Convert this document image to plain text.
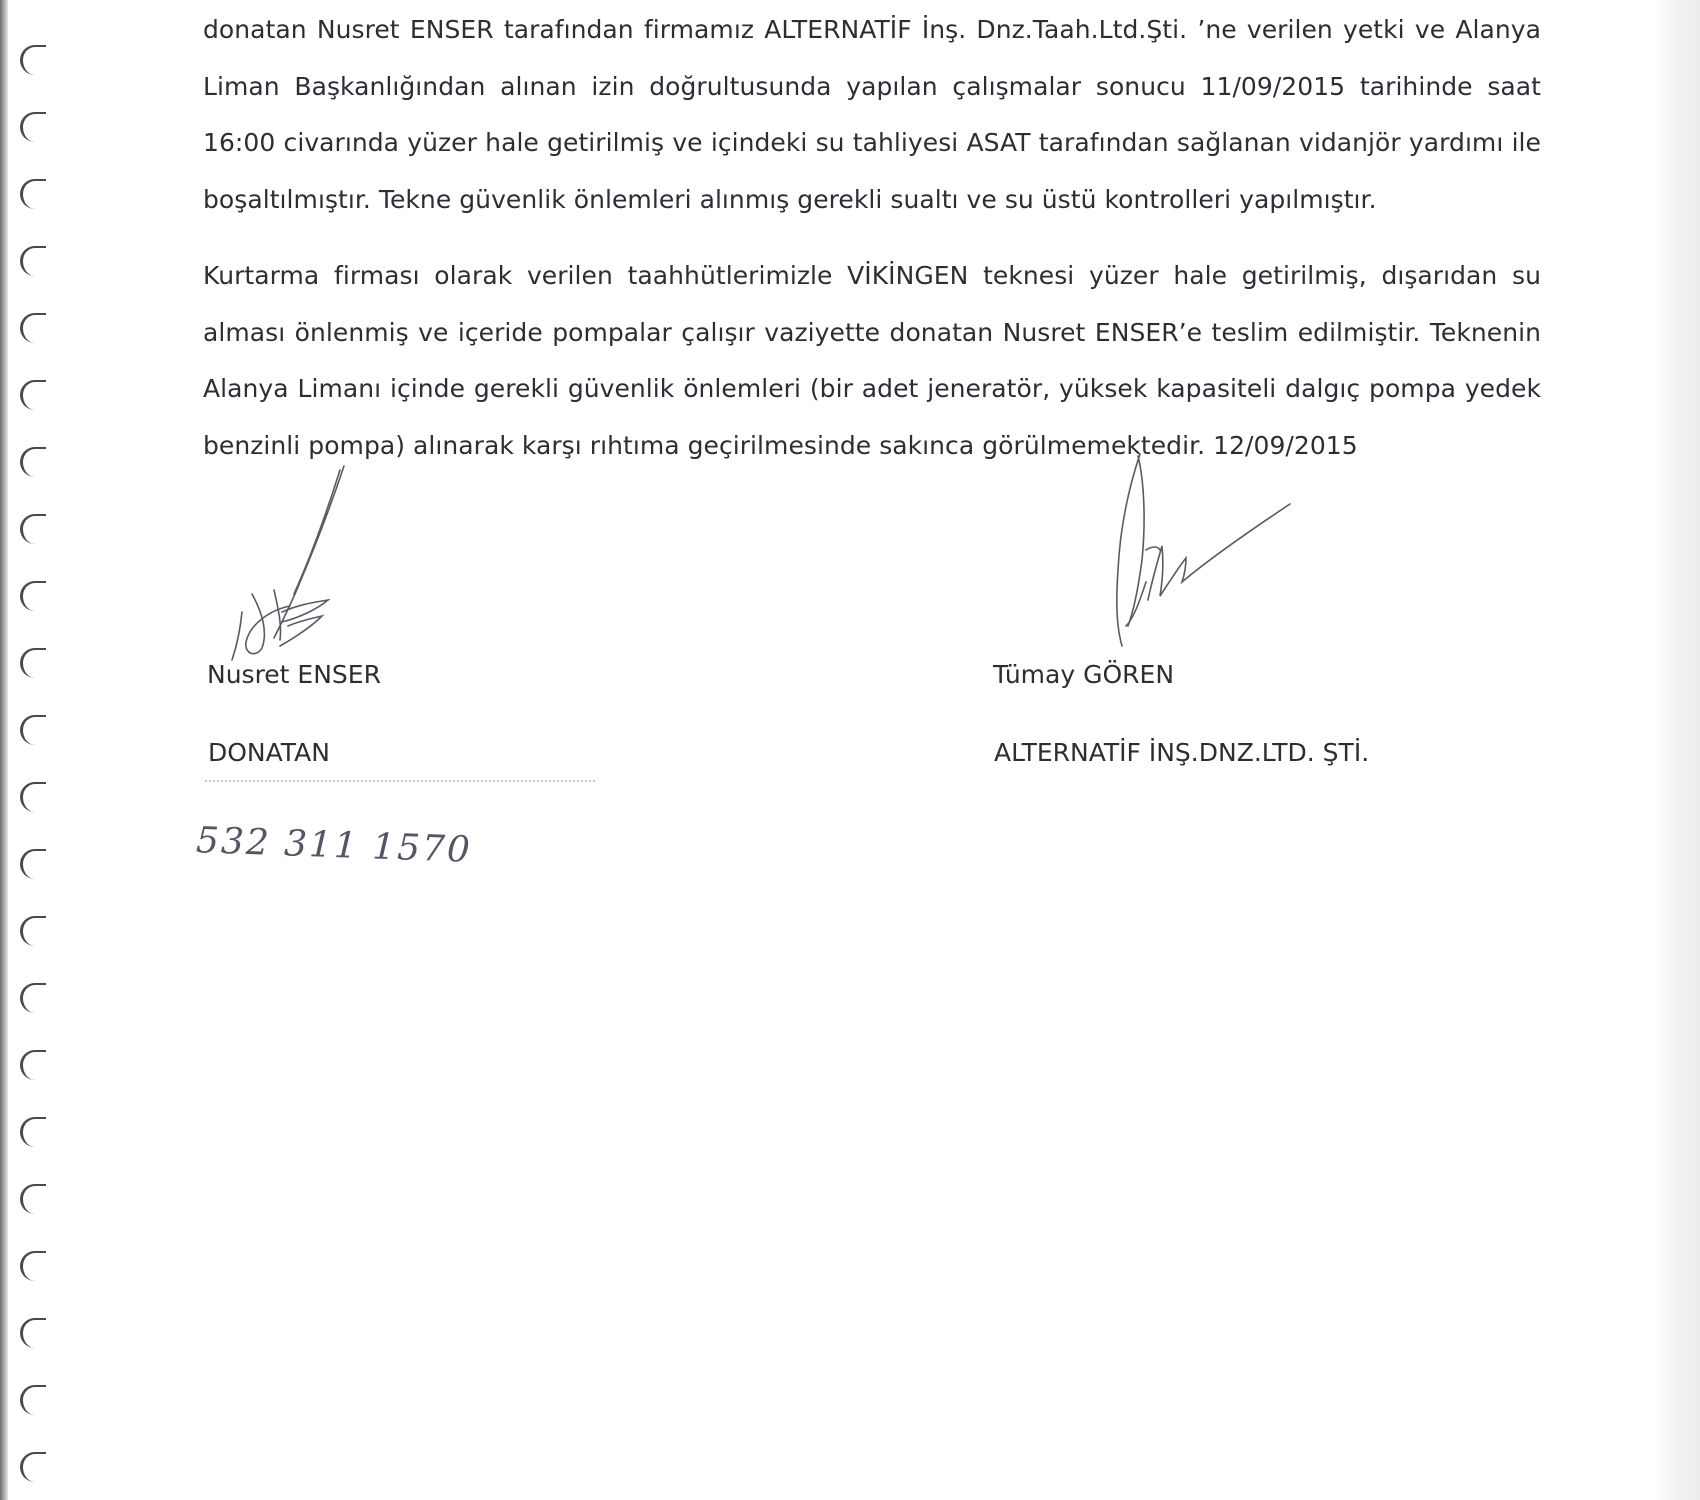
donatan Nusret ENSER tarafından firmamız ALTERNATİF İnş. Dnz.Taah.Ltd.Şti. ’ne verilen yetki ve Alanya Liman Başkanlığından alınan izin doğrultusunda yapılan çalışmalar sonucu 11/09/2015 tarihinde saat 16:00 civarında yüzer hale getirilmiş ve içindeki su tahliyesi ASAT tarafından sağlanan vidanjör yardımı ile boşaltılmıştır. Tekne güvenlik önlemleri alınmış gerekli sualtı ve su üstü kontrolleri yapılmıştır.

Kurtarma firması olarak verilen taahhütlerimizle VİKİNGEN teknesi yüzer hale getirilmiş, dışarıdan su alması önlenmiş ve içeride pompalar çalışır vaziyette donatan Nusret ENSER’e teslim edilmiştir. Teknenin Alanya Limanı içinde gerekli güvenlik önlemleri (bir adet jeneratör, yüksek kapasiteli dalgıç pompa yedek benzinli pompa) alınarak karşı rıhtıma geçirilmesinde sakınca görülmemektedir. 12/09/2015

Nusret ENSER
DONATAN
Tümay GÖREN
ALTERNATİF İNŞ.DNZ.LTD. ŞTİ.
532 311 1570
